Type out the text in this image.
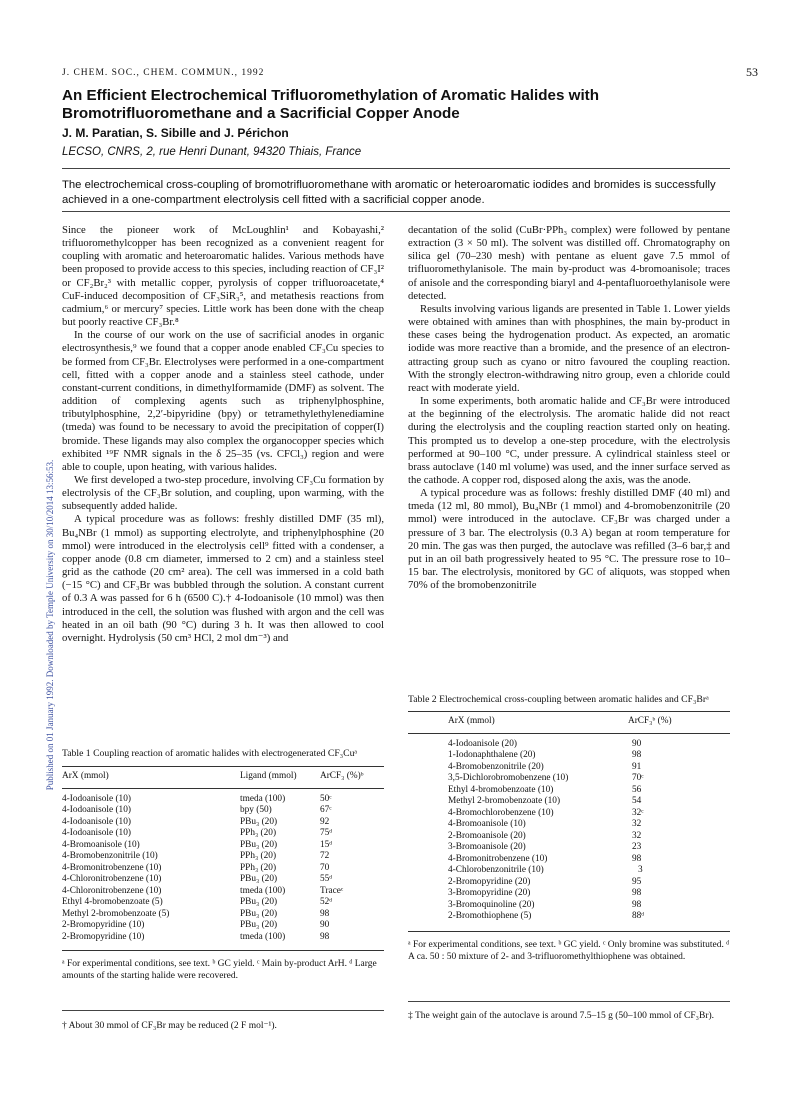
Published on 01 January 1992. Downloaded by Temple University on 30/10/2014 13:56:53.
J. CHEM. SOC., CHEM. COMMUN., 1992	53
An Efficient Electrochemical Trifluoromethylation of Aromatic Halides with Bromotrifluoromethane and a Sacrificial Copper Anode
J. M. Paratian, S. Sibille and J. Périchon
LECSO, CNRS, 2, rue Henri Dunant, 94320 Thiais, France
The electrochemical cross-coupling of bromotrifluoromethane with aromatic or heteroaromatic iodides and bromides is successfully achieved in a one-compartment electrolysis cell fitted with a sacrificial copper anode.

Since the pioneer work of McLoughlin¹ and Kobayashi,² trifluoromethylcopper has been recognized as a convenient reagent for coupling with aromatic and heteroaromatic halides. Various methods have been proposed to provide access to this species, including reaction of CF₃I² or CF₂Br₂³ with metallic copper, pyrolysis of copper trifluoroacetate,⁴ CuF-induced decomposition of CF₃SiR₃⁵, and metathesis reactions from cadmium,⁶ or mercury⁷ species. Little work has been done with the cheap but poorly reactive CF₃Br.⁸

In the course of our work on the use of sacrificial anodes in organic electrosynthesis,⁹ we found that a copper anode enabled CF₃Cu species to be formed from CF₃Br. Electrolyses were performed in a one-compartment cell, fitted with a copper anode and a stainless steel cathode, under constant-current conditions, in dimethylformamide (DMF) as solvent. The addition of complexing agents such as triphenylphosphine, tributylphosphine, 2,2′-bipyridine (bpy) or tetramethylethylenediamine (tmeda) was found to be necessary to avoid the precipitation of copper(I) bromide. These ligands may also complex the organocopper species which exhibited ¹⁹F NMR signals in the δ 25–35 (vs. CFCl₃) region and were able to couple, upon heating, with various halides.

We first developed a two-step procedure, involving CF₃Cu formation by electrolysis of the CF₃Br solution, and coupling, upon warming, with the subsequently added halide.

A typical procedure was as follows: freshly distilled DMF (35 ml), Bu₄NBr (1 mmol) as supporting electrolyte, and triphenylphosphine (20 mmol) were introduced in the electrolysis cell⁹ fitted with a condenser, a copper anode (0.8 cm diameter, immersed to 2 cm) and a stainless steel grid as the cathode (20 cm² area). The cell was immersed in a cold bath (−15 °C) and CF₃Br was bubbled through the solution. A constant current of 0.3 A was passed for 6 h (6500 C).† 4-Iodoanisole (10 mmol) was then introduced in the cell, the solution was flushed with argon and the cell was heated in an oil bath (90 °C) during 3 h. It was then allowed to cool overnight. Hydrolysis (50 cm³ HCl, 2 mol dm⁻³) and

Table 1 Coupling reaction of aromatic halides with electrogenerated CF₃Cuᵃ
ArX (mmol)	Ligand (mmol)	ArCF₃ (%)ᵇ
4-Iodoanisole (10)	tmeda (100)	50ᶜ
4-Iodoanisole (10)	bpy (50)	67ᶜ
4-Iodoanisole (10)	PBu₃ (20)	92
4-Iodoanisole (10)	PPh₃ (20)	75ᵈ
4-Bromoanisole (10)	PBu₃ (20)	15ᵈ
4-Bromobenzonitrile (10)	PPh₃ (20)	72
4-Bromonitrobenzene (10)	PPh₃ (20)	70
4-Chloronitrobenzene (10)	PBu₃ (20)	55ᵈ
4-Chloronitrobenzene (10)	tmeda (100)	Traceᶜ
Ethyl 4-bromobenzoate (5)	PBu₃ (20)	52ᵈ
Methyl 2-bromobenzoate (5)	PBu₃ (20)	98
2-Bromopyridine (10)	PBu₃ (20)	90
2-Bromopyridine (10)	tmeda (100)	98
ᵃ For experimental conditions, see text. ᵇ GC yield. ᶜ Main by-product ArH. ᵈ Large amounts of the starting halide were recovered.		
† About 30 mmol of CF₃Br may be reduced (2 F mol⁻¹).

decantation of the solid (CuBr·PPh₃ complex) were followed by pentane extraction (3 × 50 ml). The solvent was distilled off. Chromatography on silica gel (70–230 mesh) with pentane as eluent gave 7.5 mmol of trifluoromethylanisole. The main by-product was 4-bromoanisole; traces of anisole and the corresponding biaryl and 4-pentafluoroethylanisole were detected.

Results involving various ligands are presented in Table 1. Lower yields were obtained with amines than with phosphines, the main by-product in these cases being the hydrogenation product. As expected, an aromatic iodide was more reactive than a bromide, and the presence of an electron-attracting group such as cyano or nitro favoured the coupling reaction. With the strongly electron-withdrawing nitro group, even a chloride could react with moderate yield.

In some experiments, both aromatic halide and CF₃Br were introduced at the beginning of the electrolysis. The aromatic halide did not react during the electrolysis and the coupling reaction started only on heating. This prompted us to develop a one-step procedure, with the electrolysis performed at 90–100 °C, under pressure. A cylindrical stainless steel or brass autoclave (140 ml volume) was used, and the inner surface served as the cathode. A copper rod, disposed along the axis, was the anode.

A typical procedure was as follows: freshly distilled DMF (40 ml) and tmeda (12 ml, 80 mmol), Bu₄NBr (1 mmol) and 4-bromobenzonitrile (20 mmol) were introduced in the autoclave. CF₃Br was charged under a pressure of 3 bar. The electrolysis (0.3 A) began at room temperature for 20 min. The gas was then purged, the autoclave was refilled (3–6 bar,‡ and put in an oil bath progressively heated to 95 °C. The pressure rose to 10–15 bar. The electrolysis, monitored by GC of aliquots, was stopped when 70% of the bromobenzonitrile

Table 2 Electrochemical cross-coupling between aromatic halides and CF₃Brᵃ
ArX (mmol)	ArCF₃ᵇ (%)
4-Iodoanisole (20)	90
1-Iodonaphthalene (20)	98
4-Bromobenzonitrile (20)	91
3,5-Dichlorobromobenzene (10)	70ᶜ
Ethyl 4-bromobenzoate (10)	56
Methyl 2-bromobenzoate (10)	54
4-Bromochlorobenzene (10)	32ᶜ
4-Bromoanisole (10)	32
2-Bromoanisole (20)	32
3-Bromoanisole (20)	23
4-Bromonitrobenzene (10)	98
4-Chlorobenzonitrile (10)	3
2-Bromopyridine (20)	95
3-Bromopyridine (20)	98
3-Bromoquinoline (20)	98
2-Bromothiophene (5)	88ᵈ
ᵃ For experimental conditions, see text. ᵇ GC yield. ᶜ Only bromine was substituted. ᵈ A ca. 50 : 50 mixture of 2- and 3-trifluoromethylthiophene was obtained.	
‡ The weight gain of the autoclave is around 7.5–15 g (50–100 mmol of CF₃Br).
